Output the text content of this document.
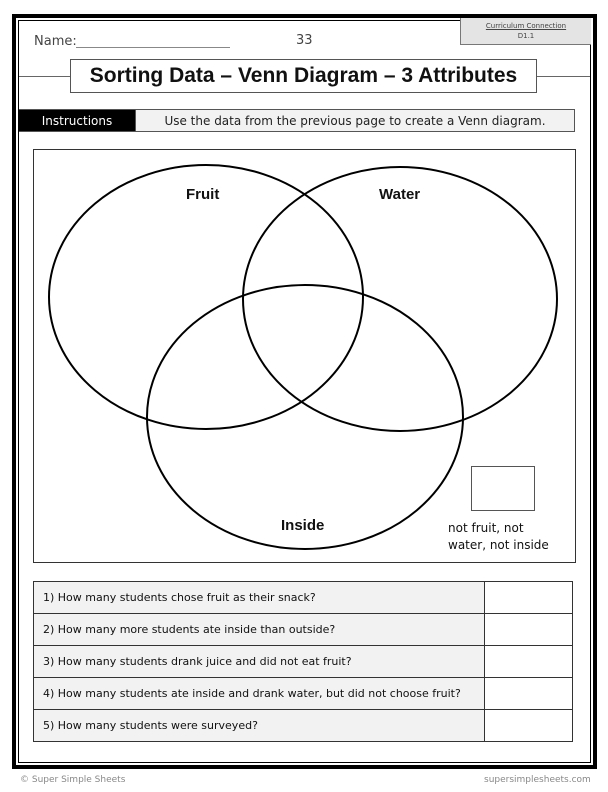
Name:	33
Curriculum Connection
D1.1
Sorting Data – Venn Diagram – 3 Attributes
Instructions	Use the data from the previous page to create a Venn diagram.
Fruit	Water
Inside	not fruit, not
water, not inside
1) How many students chose fruit as their snack?	
2) How many more students ate inside than outside?	
3) How many students drank juice and did not eat fruit?	
4) How many students ate inside and drank water, but did not choose fruit?	
5) How many students were surveyed?	
© Super Simple Sheets	supersimplesheets.com
